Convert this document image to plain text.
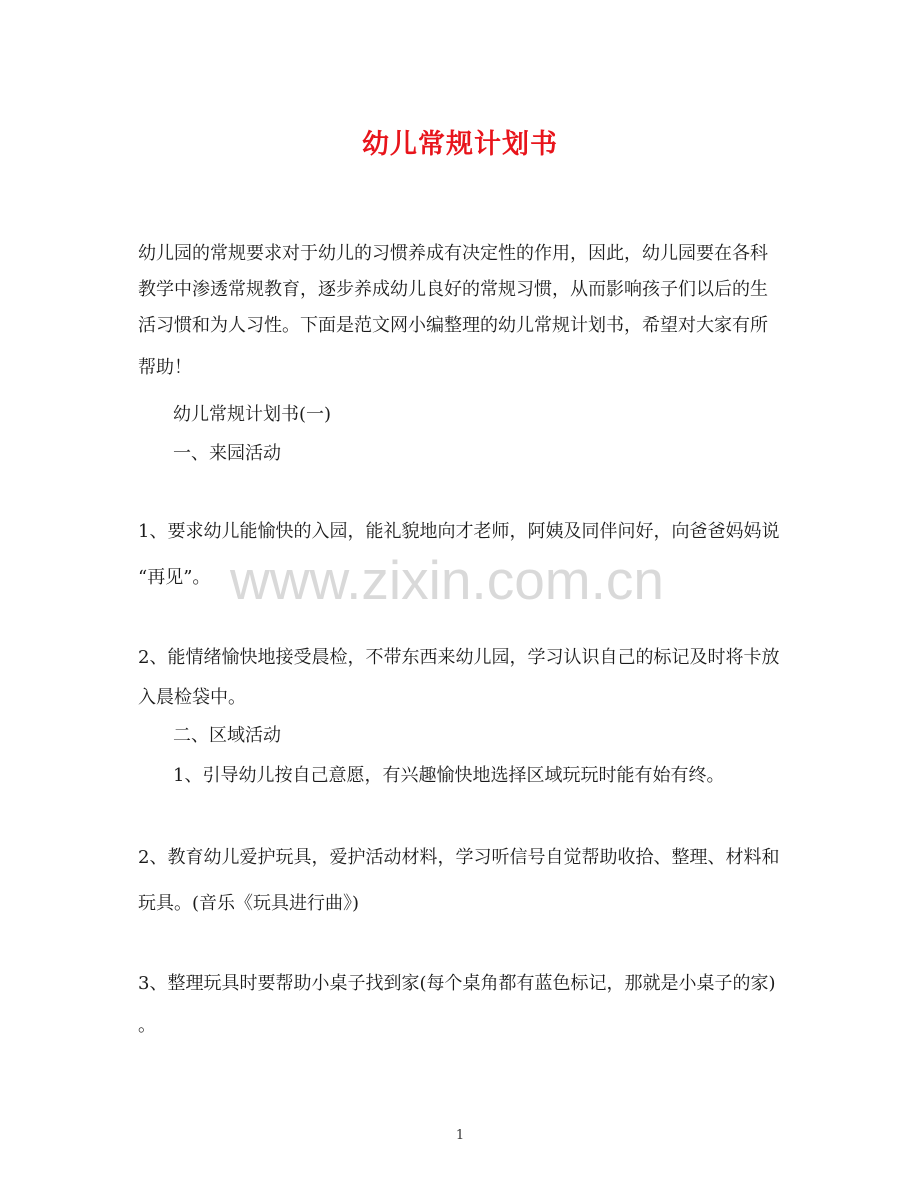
幼儿常规计划书
www.zixin.com.cn
幼儿园的常规要求对于幼儿的习惯养成有决定性的作用，因此，幼儿园要在各科
教学中渗透常规教育，逐步养成幼儿良好的常规习惯，从而影响孩子们以后的生
活习惯和为人习性。下面是范文网小编整理的幼儿常规计划书，希望对大家有所
帮助！
幼儿常规计划书(一)
一、来园活动
1、要求幼儿能愉快的入园，能礼貌地向才老师，阿姨及同伴问好，向爸爸妈妈说
“再见”。
2、能情绪愉快地接受晨检，不带东西来幼儿园，学习认识自己的标记及时将卡放
入晨检袋中。
二、区域活动
1、引导幼儿按自己意愿，有兴趣愉快地选择区域玩玩时能有始有终。
2、教育幼儿爱护玩具，爱护活动材料，学习听信号自觉帮助收拾、整理、材料和
玩具。(音乐《玩具进行曲》)
3、整理玩具时要帮助小桌子找到家(每个桌角都有蓝色标记，那就是小桌子的家)
。
1
